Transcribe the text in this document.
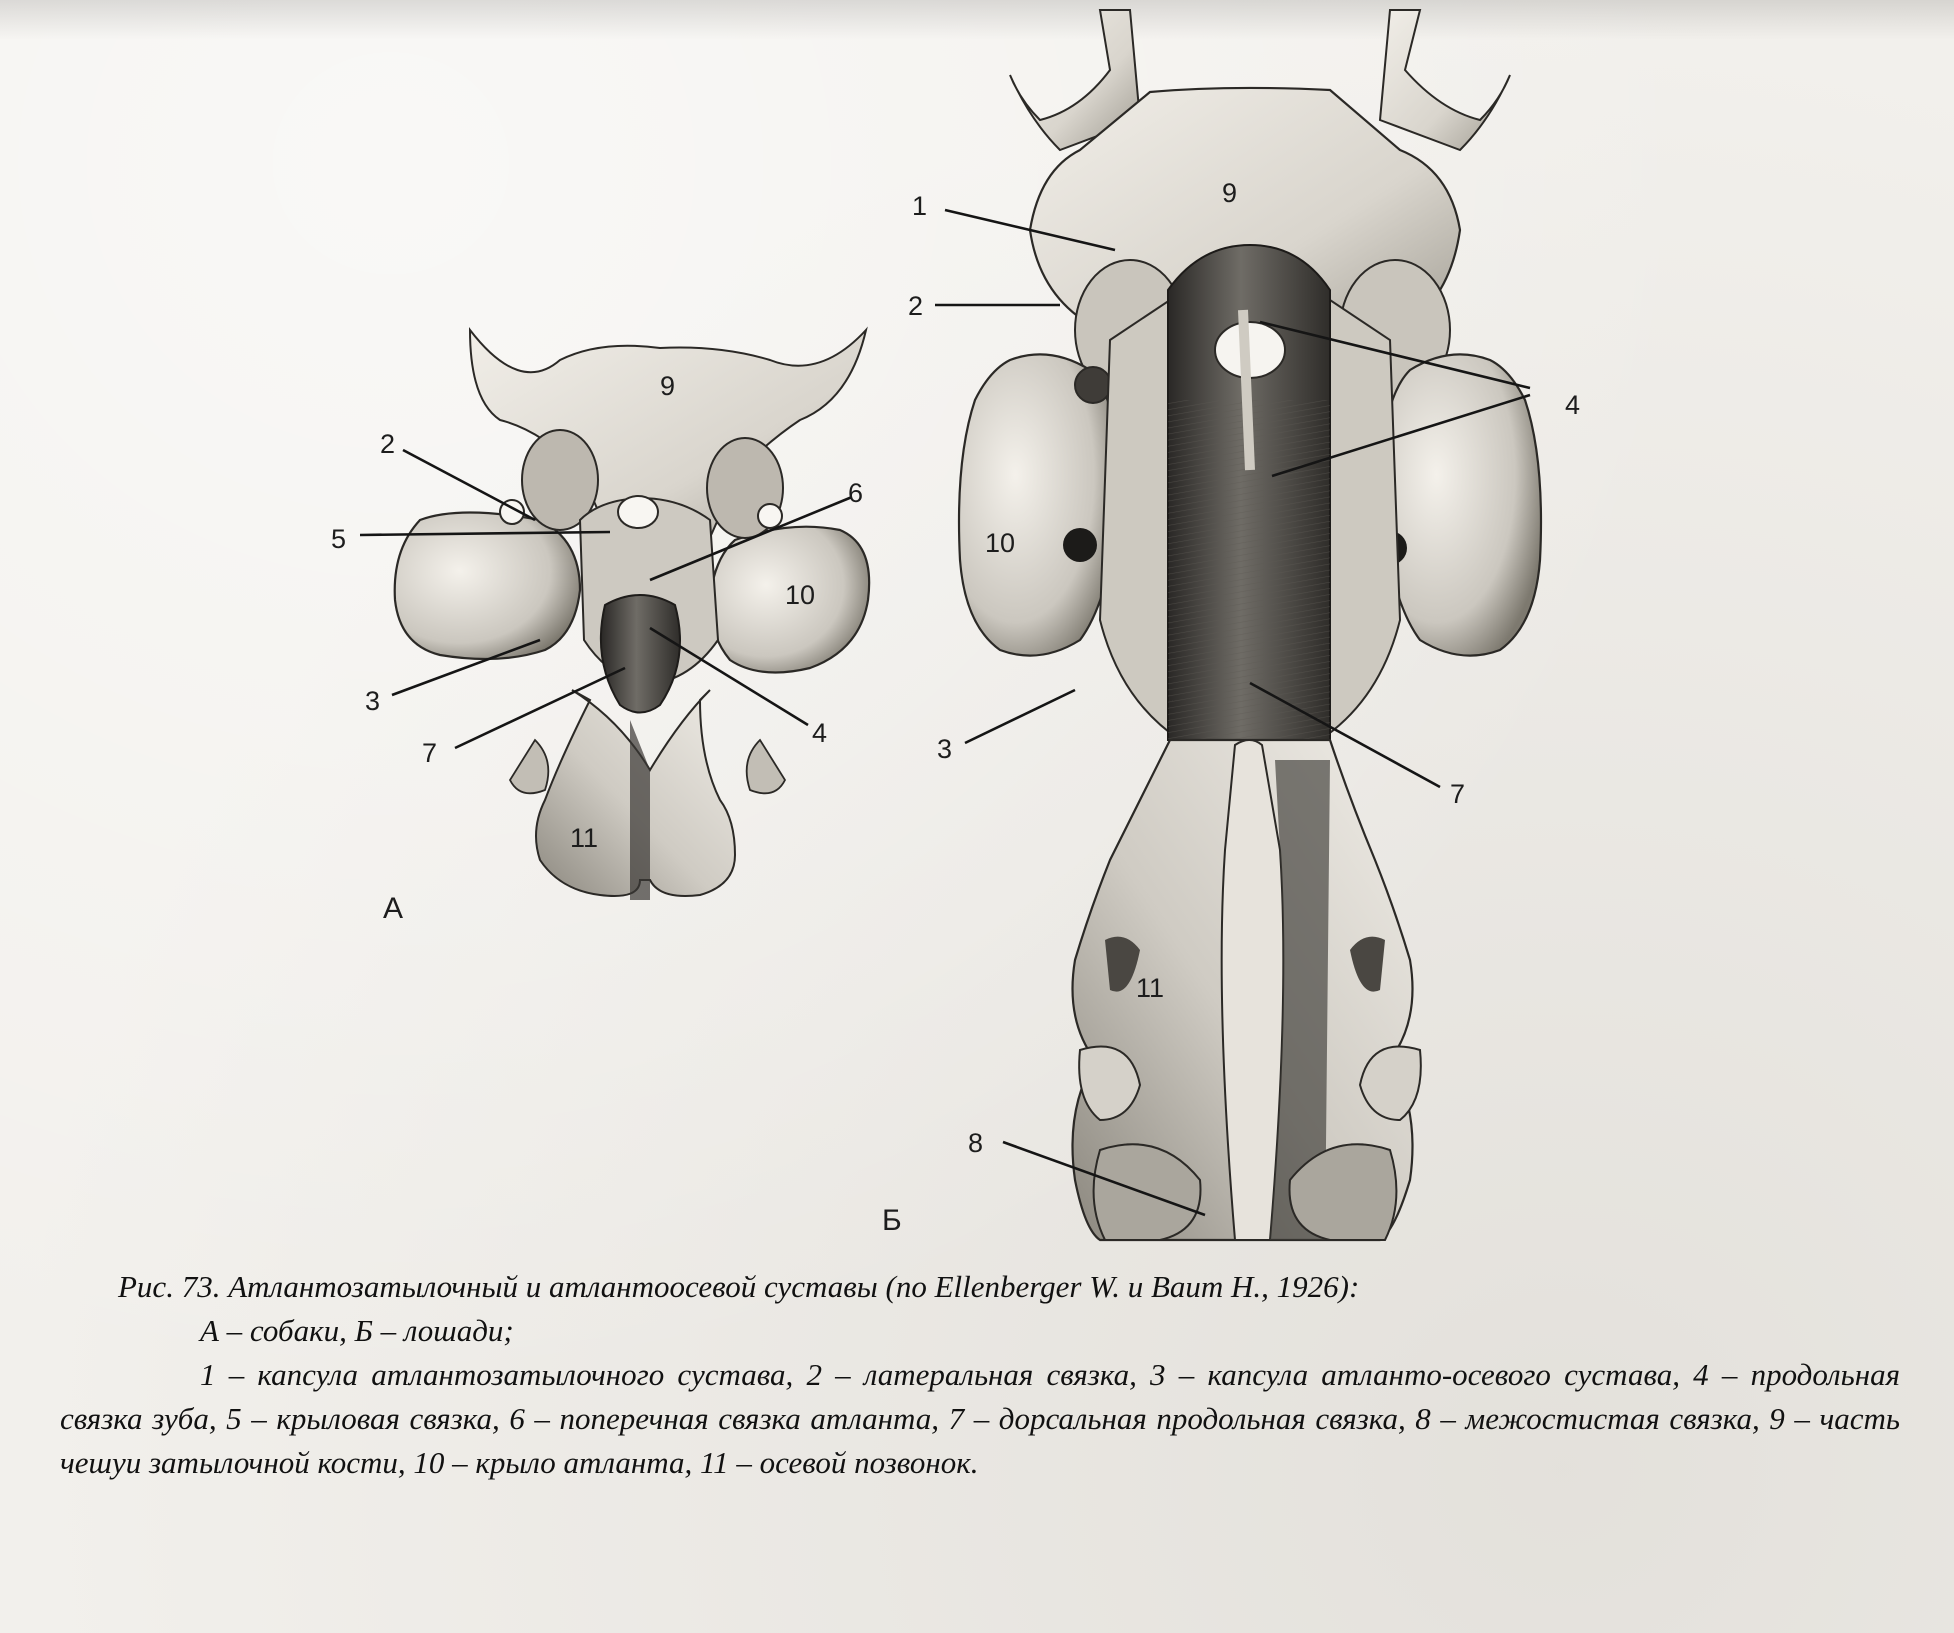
9
2
5
6
10
3
4
7
11
А
1
2
9
4
10
3
7
11
8
Б

Рис. 73. Атлантозатылочный и атлантоосевой суставы (по Ellenberger W. и Baum H., 1926):

А – собаки, Б – лошади;

1 – капсула атлантозатылочного сустава, 2 – латеральная связка, 3 – капсула атланто-осевого сустава, 4 – продольная связка зуба, 5 – крыловая связка, 6 – поперечная связка атланта, 7 – дорсальная продольная связка, 8 – межостистая связка, 9 – часть чешуи затылочной кости, 10 – крыло атланта, 11 – осевой позвонок.
